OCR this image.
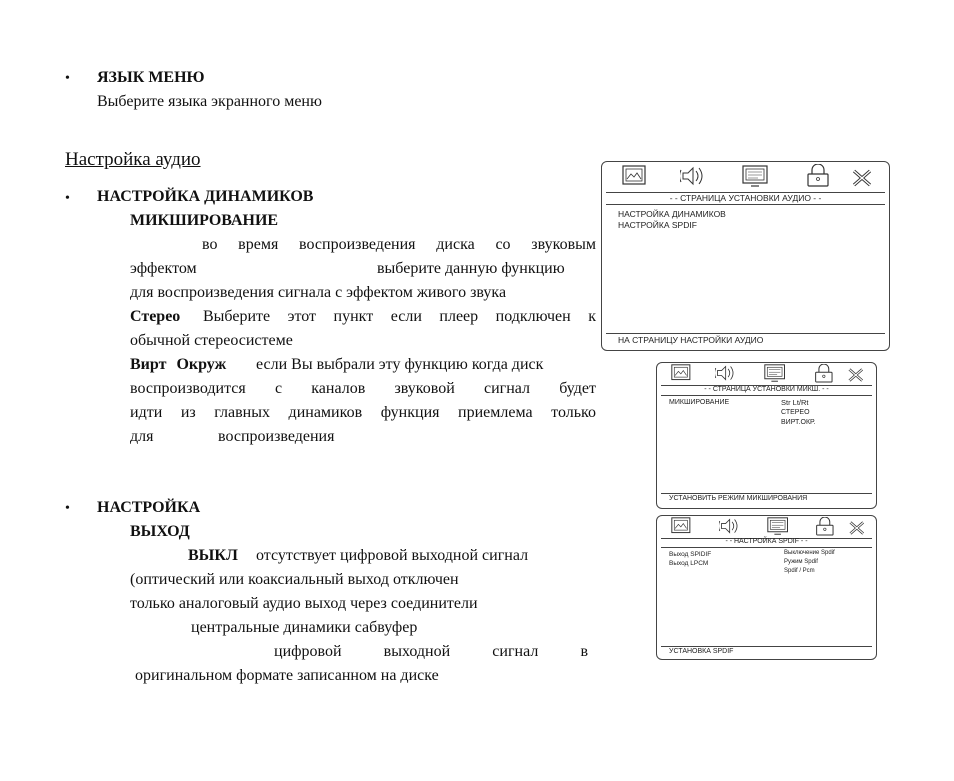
• ЯЗЫК МЕНЮ
Выберите языка экранного меню
Настройка аудио
• НАСТРОЙКА ДИНАМИКОВ
МИКШИРОВАНИЕ
во время воспроизведения диска со звуковым
эффектом	выберите данную функцию
для воспроизведения сигнала с эффектом живого звука
Стерео Выберите этот пункт если плеер подключен к
обычной стереосистеме
Вирт Окруж если Вы выбрали эту функцию когда диск
воспроизводится с каналов звуковой сигнал будет
идти из главных динамиков функция приемлема только
для	воспроизведения
• НАСТРОЙКА
ВЫХОД
ВЫКЛ отсутствует цифровой выходной сигнал
(оптический или коаксиальный выход отключен
только аналоговый аудио выход через соединители
центральные динамики сабвуфер
цифровой выходной сигнал в
оригинальном формате записанном на диске
- - СТРАНИЦА УСТАНОВКИ АУДИО - -
НАСТРОЙКА ДИНАМИКОВ
НАСТРОЙКА SPDIF
НА СТРАНИЦУ НАСТРОЙКИ АУДИО
- - СТРАНИЦА УСТАНОВКИ МИКШ. - -
МИКШИРОВАНИЕ	Str Lt/Rt
СТЕРЕО
ВИРТ.ОКР.
УСТАНОВИТЬ РЕЖИМ МИКШИРОВАНИЯ
- - НАСТРОЙКА SPDIF - -
Выход SPIDIF
Выход LPCM
Выключение Spdif
Ружим Spdif
Spdif / Pcm
УСТАНОВКА SPDIF
